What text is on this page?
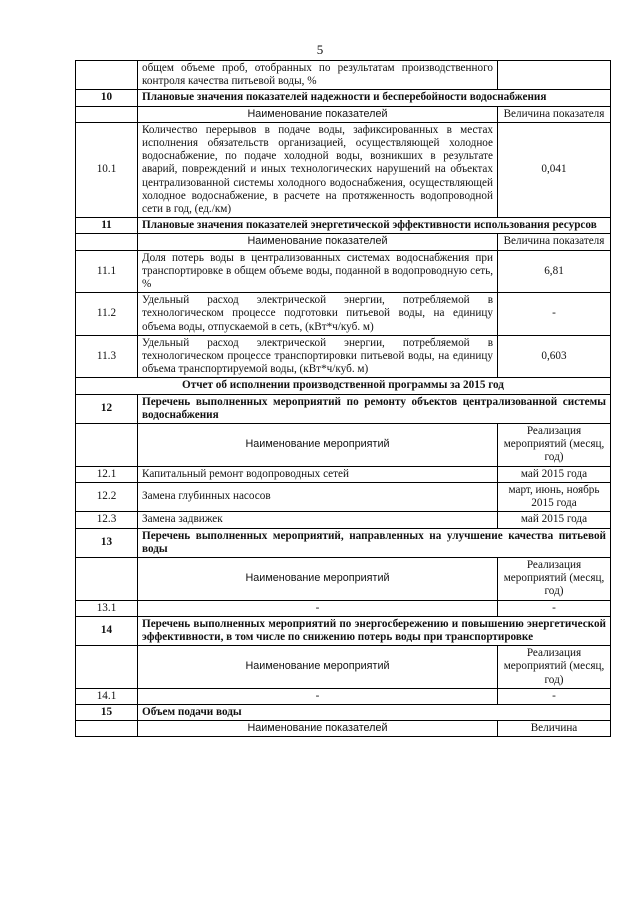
5
	общем объеме проб, отобранных по результатам производственного контроля качества питьевой воды, %	
10	Плановые значения показателей надежности и бесперебойности водоснабжения	
	Наименование показателей	Величина показателя
10.1	Количество перерывов в подаче воды, зафиксированных в местах исполнения обязательств организацией, осуществляющей холодное водоснабжение, по подаче холодной воды, возникших в результате аварий, повреждений и иных технологических нарушений на объектах централизованной системы холодного водоснабжения, осуществляющей холодное водоснабжение, в расчете на протяженность водопроводной сети в год, (ед./км)	0,041
11	Плановые значения показателей энергетической эффективности использования ресурсов	
	Наименование показателей	Величина показателя
11.1	Доля потерь воды в централизованных системах водоснабжения при транспортировке в общем объеме воды, поданной в водопроводную сеть, %	6,81
11.2	Удельный расход электрической энергии, потребляемой в технологическом процессе подготовки питьевой воды, на единицу объема воды, отпускаемой в сеть, (кВт*ч/куб. м)	-
11.3	Удельный расход электрической энергии, потребляемой в технологическом процессе транспортировки питьевой воды, на единицу объема транспортируемой воды, (кВт*ч/куб. м)	0,603
Отчет об исполнении производственной программы за 2015 год		
12	Перечень выполненных мероприятий по ремонту объектов централизованной системы водоснабжения	
	Наименование мероприятий	Реализация мероприятий (месяц, год)
12.1	Капитальный ремонт водопроводных сетей	май 2015 года
12.2	Замена глубинных насосов	март, июнь, ноябрь 2015 года
12.3	Замена задвижек	май 2015 года
13	Перечень выполненных мероприятий, направленных на улучшение качества питьевой воды	
	Наименование мероприятий	Реализация мероприятий (месяц, год)
13.1	-	-
14	Перечень выполненных мероприятий по энергосбережению и повышению энергетической эффективности, в том числе по снижению потерь воды при транспортировке	
	Наименование мероприятий	Реализация мероприятий (месяц, год)
14.1	-	-
15	Объем подачи воды	
	Наименование показателей	Величина
